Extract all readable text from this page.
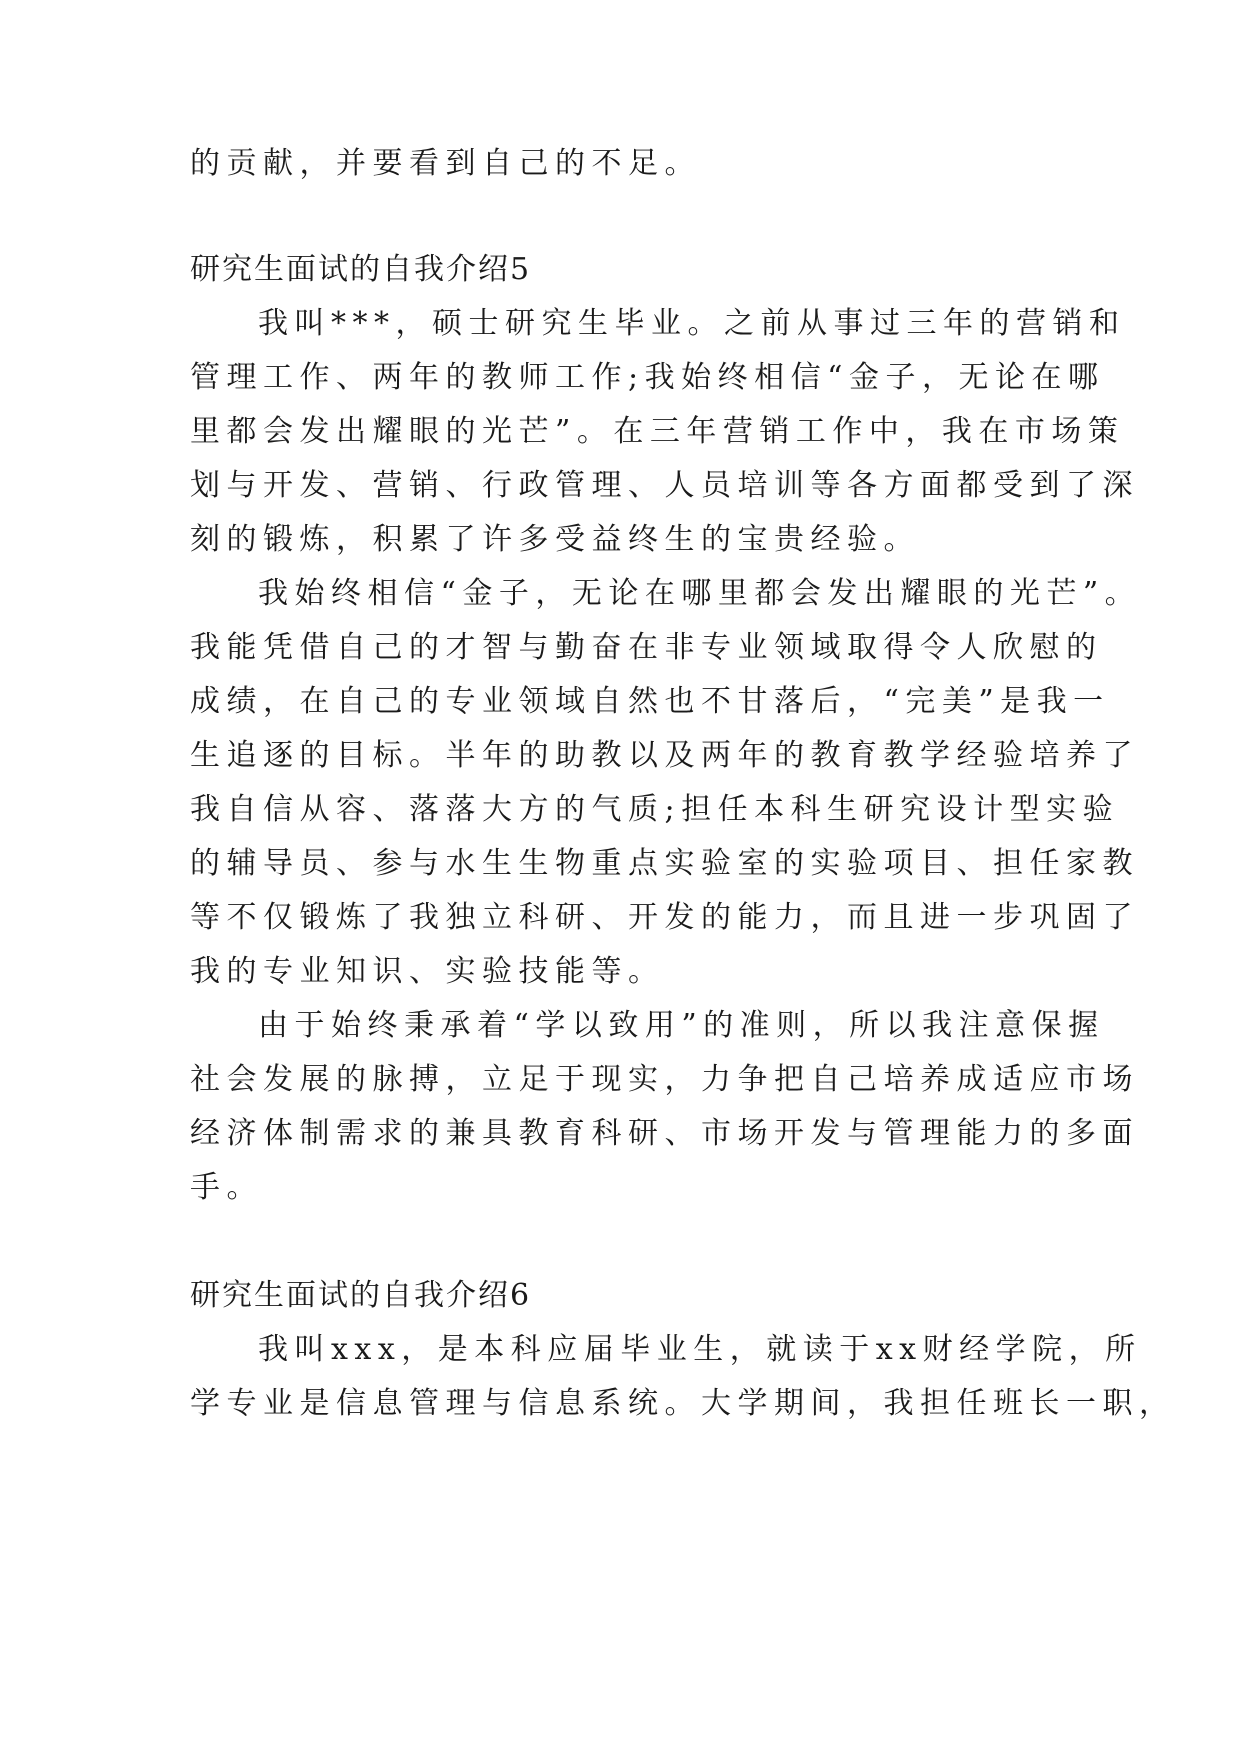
的贡献，并要看到自己的不足。
研究生面试的自我介绍5
我叫***，硕士研究生毕业。之前从事过三年的营销和
管理工作、两年的教师工作;我始终相信“金子，无论在哪
里都会发出耀眼的光芒”。在三年营销工作中，我在市场策
划与开发、营销、行政管理、人员培训等各方面都受到了深
刻的锻炼，积累了许多受益终生的宝贵经验。
我始终相信“金子，无论在哪里都会发出耀眼的光芒”。
我能凭借自己的才智与勤奋在非专业领域取得令人欣慰的
成绩，在自己的专业领域自然也不甘落后，“完美”是我一
生追逐的目标。半年的助教以及两年的教育教学经验培养了
我自信从容、落落大方的气质;担任本科生研究设计型实验
的辅导员、参与水生生物重点实验室的实验项目、担任家教
等不仅锻炼了我独立科研、开发的能力，而且进一步巩固了
我的专业知识、实验技能等。
由于始终秉承着“学以致用”的准则，所以我注意保握
社会发展的脉搏，立足于现实，力争把自己培养成适应市场
经济体制需求的兼具教育科研、市场开发与管理能力的多面
手。
研究生面试的自我介绍6
我叫xxx，是本科应届毕业生，就读于xx财经学院，所
学专业是信息管理与信息系统。大学期间，我担任班长一职，
